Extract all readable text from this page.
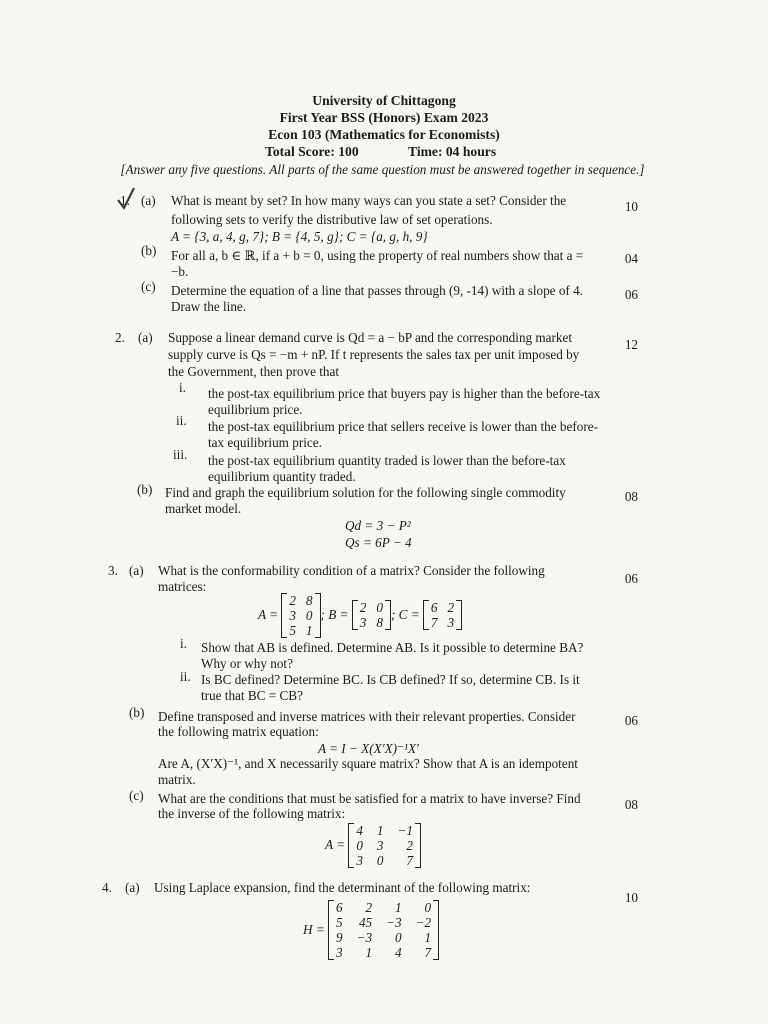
University of Chittagong
First Year BSS (Honors) Exam 2023
Econ 103 (Mathematics for Economists)
Total Score: 100	Time: 04 hours
[Answer any five questions. All parts of the same question must be answered together in sequence.]
1. (a) What is meant by set? In how many ways can you state a set? Consider the
following sets to verify the distributive law of set operations.
A = {3, a, 4, g, 7}; B = {4, 5, g}; C = {a, g, h, 9}
10
(b) For all a, b ∈ ℝ, if a + b = 0, using the property of real numbers show that a =
−b.
04
(c) Determine the equation of a line that passes through (9, -14) with a slope of 4.
Draw the line.
06
2. (a) Suppose a linear demand curve is Qd = a − bP and the corresponding market
supply curve is Qs = −m + nP. If t represents the sales tax per unit imposed by
the Government, then prove that
12
i. the post-tax equilibrium price that buyers pay is higher than the before-tax
equilibrium price.
ii. the post-tax equilibrium price that sellers receive is lower than the before-
tax equilibrium price.
iii. the post-tax equilibrium quantity traded is lower than the before-tax
equilibrium quantity traded.
(b) Find and graph the equilibrium solution for the following single commodity
market model.
08
Qd = 3 − P²
Qs = 6P − 4
3. (a) What is the conformability condition of a matrix? Consider the following
matrices:
06
A =

2 8
3 0
5 1
; B =
2 0
3 8
; C =
6 2
7 3
i. Show that AB is defined. Determine AB. Is it possible to determine BA?
Why or why not?
ii. Is BC defined? Determine BC. Is CB defined? If so, determine CB. Is it
true that BC = CB?
(b) Define transposed and inverse matrices with their relevant properties. Consider
the following matrix equation:
06
A = I − X(X′X)⁻¹X′
Are A, (X′X)⁻¹, and X necessarily square matrix? Show that A is an idempotent
matrix.
(c) What are the conditions that must be satisfied for a matrix to have inverse? Find
the inverse of the following matrix:
08
A =

4 1 −1
0 3	2
3 0	7
4. (a) Using Laplace expansion, find the determinant of the following matrix:
10
H =

6	2	1	0
5 45 −3 −2
9 −3	0	1
3	1	4	7
